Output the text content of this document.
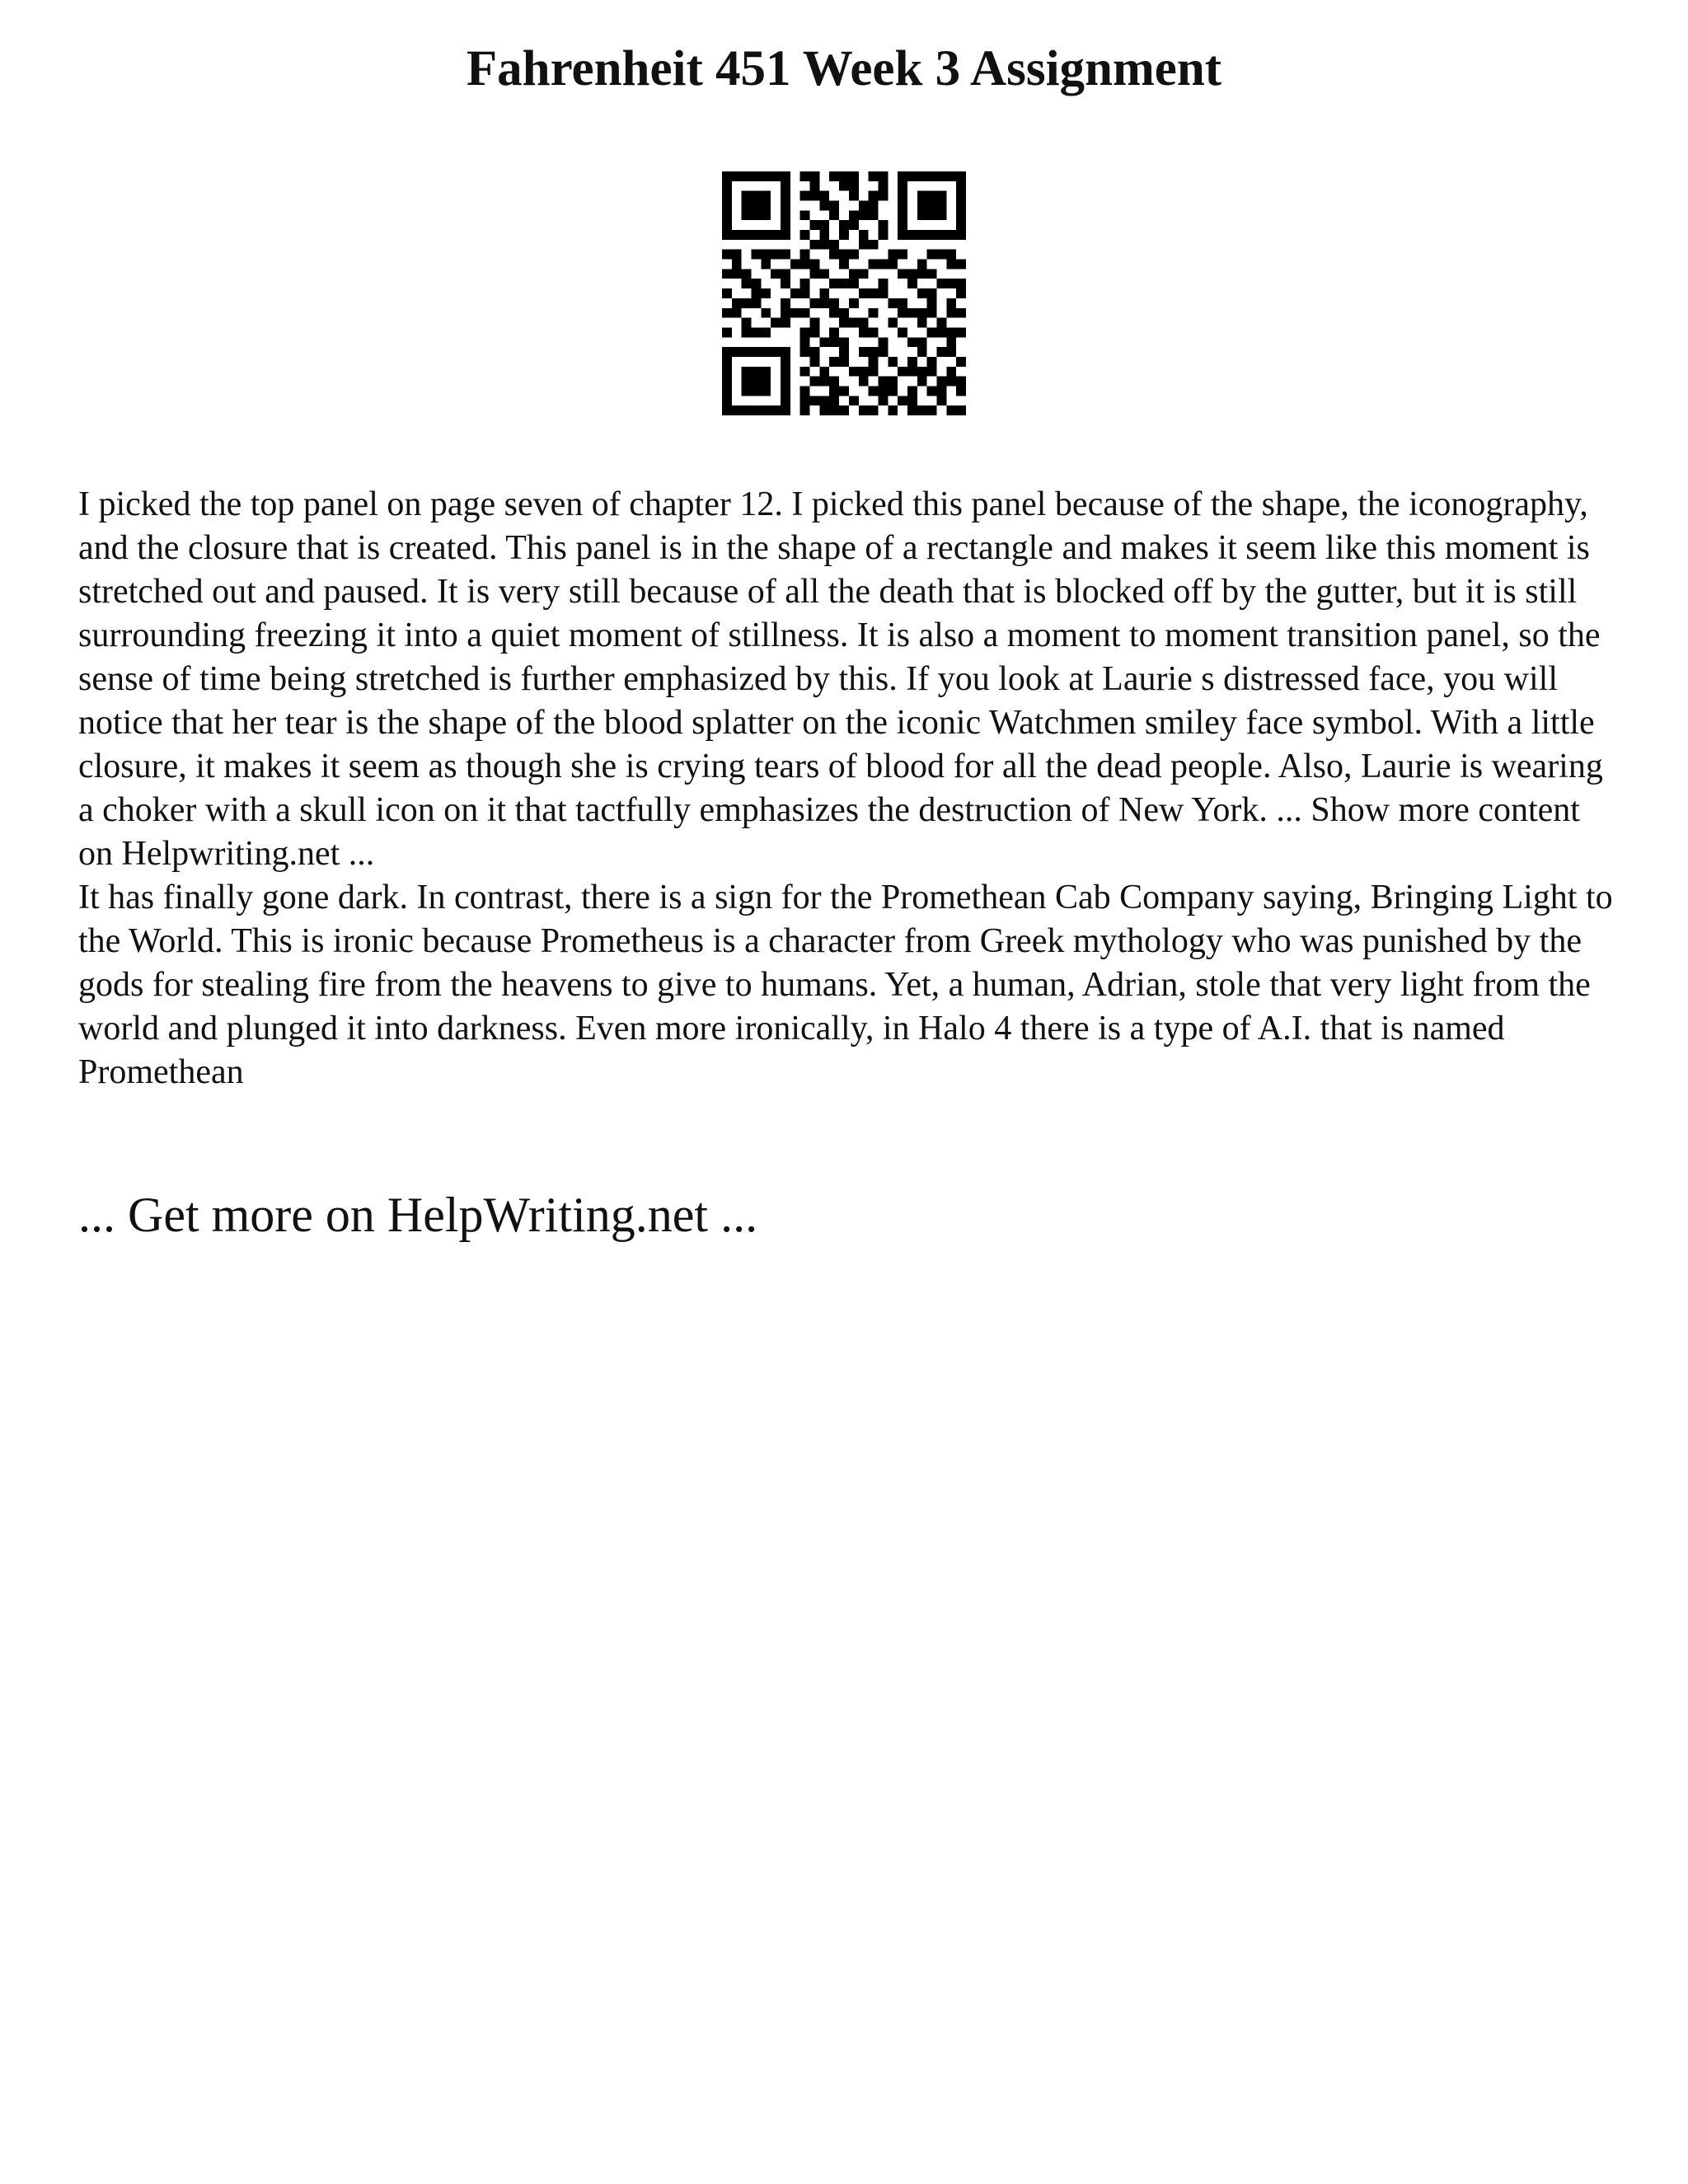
Fahrenheit 451 Week 3 Assignment

I picked the top panel on page seven of chapter 12. I picked this panel because of the shape, the iconography, and the closure that is created. This panel is in the shape of a rectangle and makes it seem like this moment is stretched out and paused. It is very still because of all the death that is blocked off by the gutter, but it is still surrounding freezing it into a quiet moment of stillness. It is also a moment to moment transition panel, so the sense of time being stretched is further emphasized by this. If you look at Laurie s distressed face, you will notice that her tear is the shape of the blood splatter on the iconic Watchmen smiley face symbol. With a little closure, it makes it seem as though she is crying tears of blood for all the dead people. Also, Laurie is wearing a choker with a skull icon on it that tactfully emphasizes the destruction of New York. ... Show more content on Helpwriting.net ...

It has finally gone dark. In contrast, there is a sign for the Promethean Cab Company saying, Bringing Light to the World. This is ironic because Prometheus is a character from Greek mythology who was punished by the gods for stealing fire from the heavens to give to humans. Yet, a human, Adrian, stole that very light from the world and plunged it into darkness. Even more ironically, in Halo 4 there is a type of A.I. that is named Promethean

... Get more on HelpWriting.net ...
